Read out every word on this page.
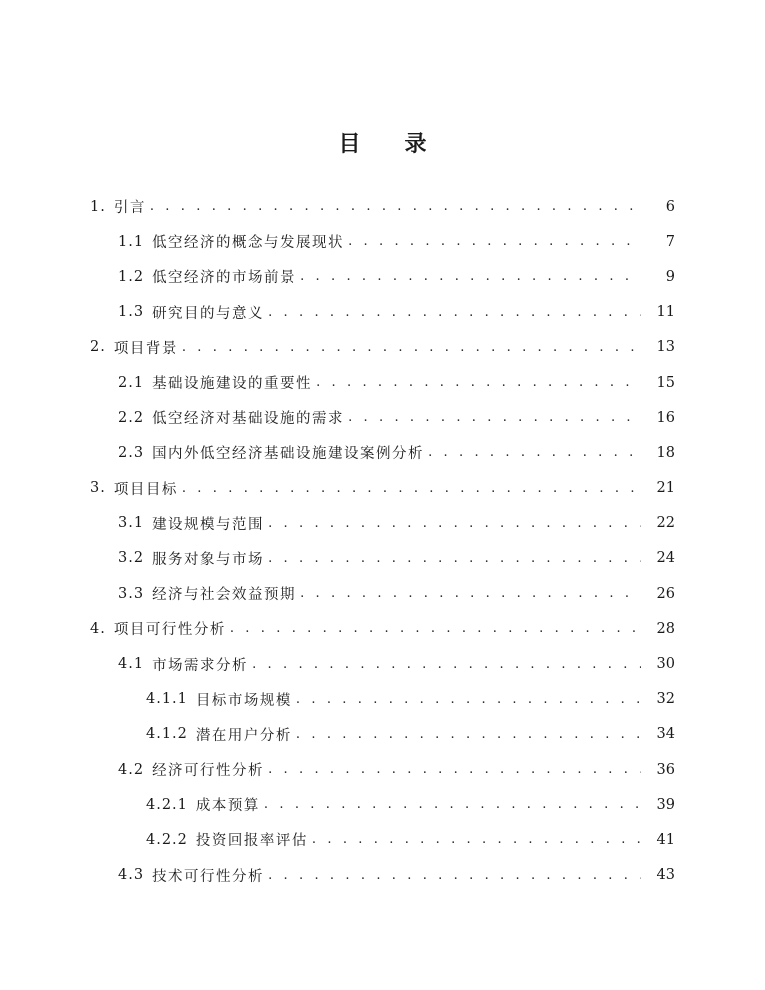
目 录
1. 引言 . . .	6
1.1 低空经济的概念与发展现状 . . .	7
1.2 低空经济的市场前景 . . .	9
1.3 研究目的与意义 . . .	11
2. 项目背景 . . .	13
2.1 基础设施建设的重要性 . . .	15
2.2 低空经济对基础设施的需求 . . .	16
2.3 国内外低空经济基础设施建设案例分析 . . .	18
3. 项目目标 . . .	21
3.1 建设规模与范围 . . .	22
3.2 服务对象与市场 . . .	24
3.3 经济与社会效益预期 . . .	26
4. 项目可行性分析 . . .	28
4.1 市场需求分析 . . .	30
4.1.1 目标市场规模 . . .	32
4.1.2 潜在用户分析 . . .	34
4.2 经济可行性分析 . . .	36
4.2.1 成本预算 . . .	39
4.2.2 投资回报率评估 . . .	41
4.3 技术可行性分析 . . .	43
